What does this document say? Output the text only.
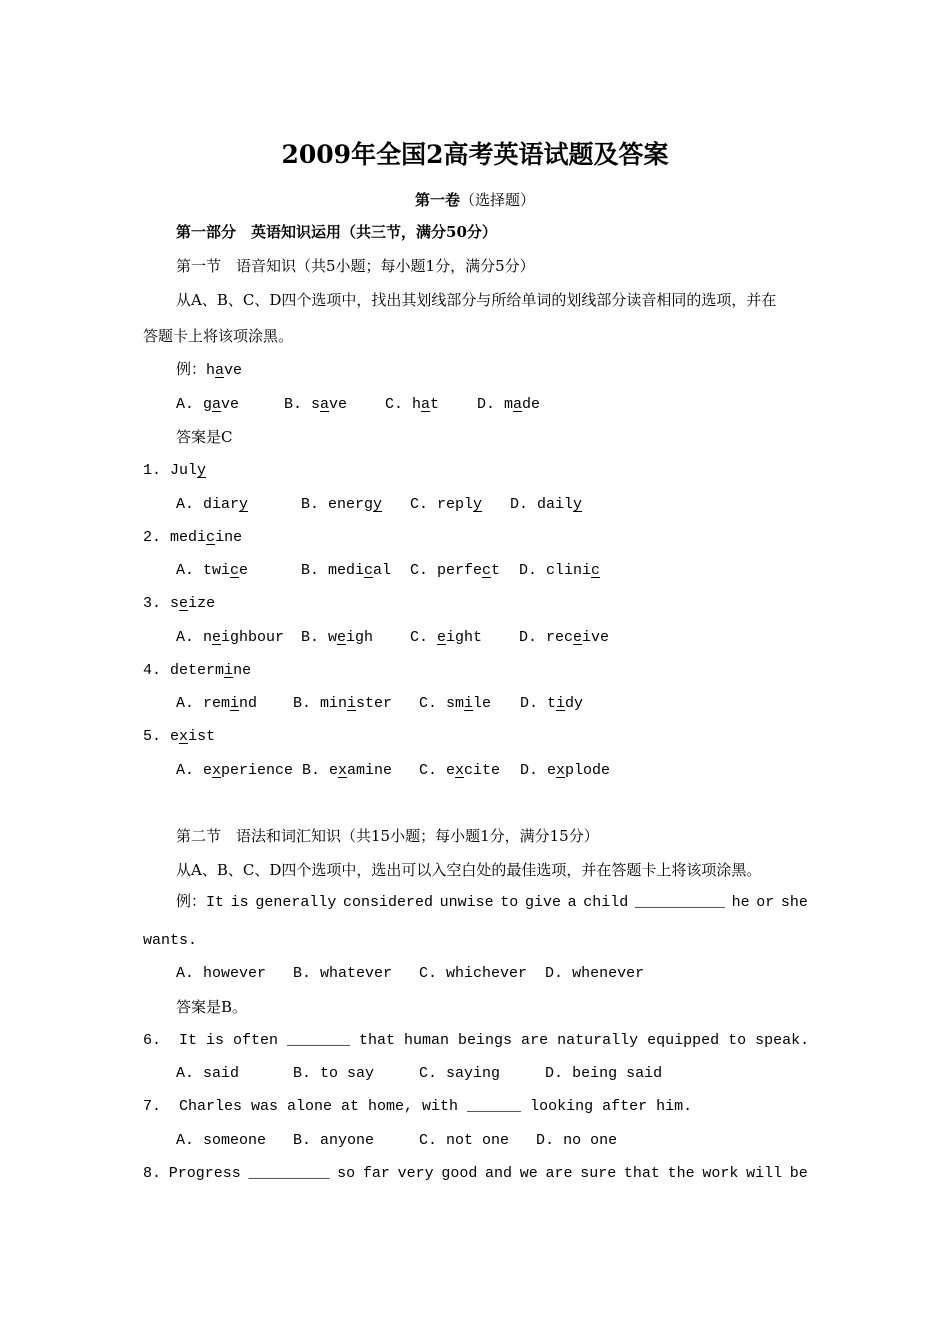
2009年全国2高考英语试题及答案
第一卷（选择题）
第一部分　英语知识运用（共三节，满分50分）
第一节　语音知识（共5小题；每小题1分，满分5分）
从A、B、C、D四个选项中，找出其划线部分与所给单词的划线部分读音相同的选项，并在
答题卡上将该项涂黑。
例：have
A. gave	B. save	C. hat	D. made
答案是C
1. July
A. diary	B. energy C. reply D. daily
2. medicine
A. twice	B. medical C. perfect D. clinic
3. seize
A. neighbour B. weigh C. eight D. receive
4. determine
A. remind B. minister C. smile D. tidy
5. exist
A. experience B. examine C. excite D. explode
第二节　语法和词汇知识（共15小题；每小题1分，满分15分）
从A、B、C、D四个选项中，选出可以入空白处的最佳选项，并在答题卡上将该项涂黑。
例：It is generally considered unwise to give a child __________ he or she
wants.
A. however   B. whatever   C. whichever  D. whenever
答案是B。
6.  It is often _______ that human beings are naturally equipped to speak.
A. said      B. to say     C. saying     D. being said
7.  Charles was alone at home, with ______ looking after him.
A. someone   B. anyone     C. not one   D. no one
8. Progress _________ so far very good and we are sure that the work will be
